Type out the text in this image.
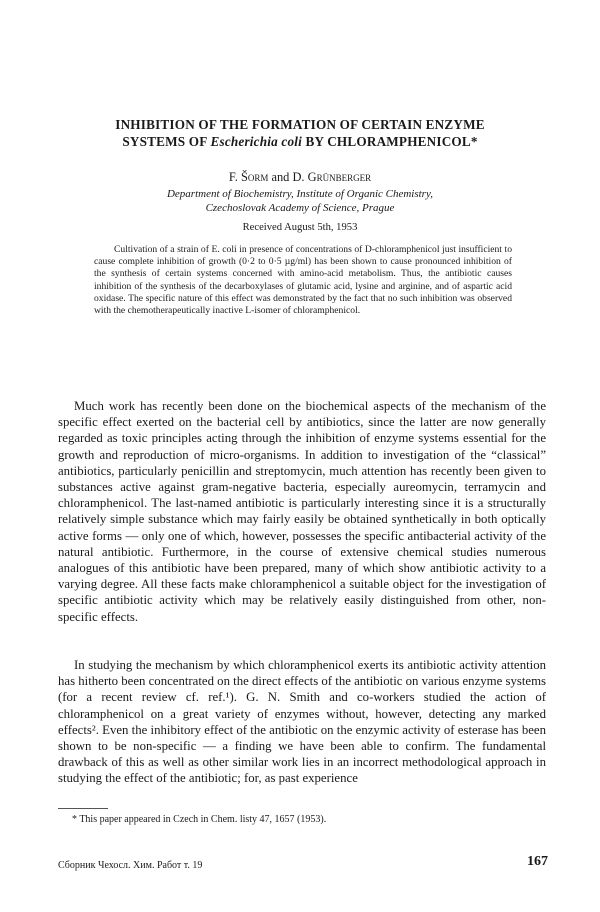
INHIBITION OF THE FORMATION OF CERTAIN ENZYME
SYSTEMS OF Escherichia coli BY CHLORAMPHENICOL*

F. Šorm and D. Grünberger

Department of Biochemistry, Institute of Organic Chemistry,
Czechoslovak Academy of Science, Prague

Received August 5th, 1953

Cultivation of a strain of E. coli in presence of concentrations of D-chloramphenicol just insufficient to cause complete inhibition of growth (0·2 to 0·5 µg/ml) has been shown to cause pronounced inhibition of the synthesis of certain systems concerned with amino-acid metabolism. Thus, the antibiotic causes inhibition of the synthesis of the decarboxylases of glutamic acid, lysine and arginine, and of aspartic acid oxidase. The specific nature of this effect was demonstrated by the fact that no such inhibition was observed with the chemotherapeutically inactive L-isomer of chloramphenicol.

Much work has recently been done on the biochemical aspects of the mechanism of the specific effect exerted on the bacterial cell by antibiotics, since the latter are now generally regarded as toxic principles acting through the inhibition of enzyme systems essential for the growth and reproduction of micro-organisms. In addition to investigation of the “classical” antibiotics, particularly penicillin and streptomycin, much attention has recently been given to substances active against gram-negative bacteria, especially aureomycin, terramycin and chloramphenicol. The last-named antibiotic is particularly interesting since it is a structurally relatively simple substance which may fairly easily be obtained synthetically in both optically active forms — only one of which, however, possesses the specific antibacterial activity of the natural antibiotic. Furthermore, in the course of extensive chemical studies numerous analogues of this antibiotic have been prepared, many of which show antibiotic activity to a varying degree. All these facts make chloramphenicol a suitable object for the investigation of specific antibiotic activity which may be relatively easily distinguished from other, non-specific effects.

In studying the mechanism by which chloramphenicol exerts its antibiotic activity attention has hitherto been concentrated on the direct effects of the antibiotic on various enzyme systems (for a recent review cf. ref.¹). G. N. Smith and co-workers studied the action of chloramphenicol on a great variety of enzymes without, however, detecting any marked effects². Even the inhibitory effect of the antibiotic on the enzymic activity of esterase has been shown to be non-specific — a finding we have been able to confirm. The fundamental drawback of this as well as other similar work lies in an incorrect methodological approach in studying the effect of the antibiotic; for, as past experience

* This paper appeared in Czech in Chem. listy 47, 1657 (1953).

Сборник Чехосл. Хим. Работ т. 19	167
